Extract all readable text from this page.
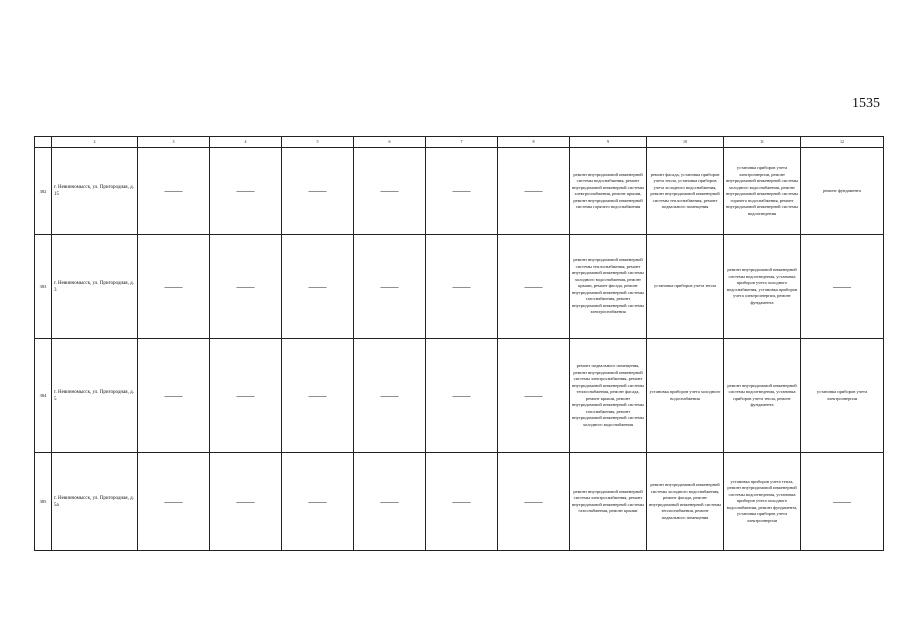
1535
	2	3	4	5	6	7	8	9	10	11	12
382	г. Невинномысск, ул. Пригородная, д. 15	——	——	——	——	——	——	ремонт внутридомовой инженерной системы водоснабжения, ремонт внутридомовой инженерной системы электроснабжения, ремонт крыши, ремонт внутридомовой инженерной системы горячего водоснабжения	ремонт фасада, установка приборов учета тепла, установка приборов учета холодного водоснабжения, ремонт внутридомовой инженерной системы теплоснабжения, ремонт подвального помещения	установка приборов учета электроэнергии, ремонт внутридомовой инженерной системы холодного водоснабжения, ремонт внутридомовой инженерной системы горячего водоснабжения, ремонт внутридомовой инженерной системы водоотведения	ремонт фундамента
383	г. Невинномысск, ул. Пригородная, д. 3	——	——	——	——	——	——	ремонт внутридомовой инженерной системы теплоснабжения, ремонт внутридомовой инженерной системы холодного водоснабжения, ремонт крыши, ремонт фасада, ремонт внутридомовой инженерной системы газоснабжения, ремонт внутридомовой инженерной системы электроснабжения	установка приборов учета тепла	ремонт внутридомовой инженерной системы водоотведения, установка приборов учета холодного водоснабжения, установка приборов учета электроэнергии, ремонт фундамента	——
384	г. Невинномысск, ул. Пригородная, д. 5	——	——	——	——	——	——	ремонт подвального помещения, ремонт внутридомовой инженерной системы электроснабжения, ремонт внутридомовой инженерной системы теплоснабжения, ремонт фасада, ремонт крыши, ремонт внутридомовой инженерной системы газоснабжения, ремонт внутридомовой инженерной системы холодного водоснабжения	установка приборов учета холодного водоснабжения	ремонт внутридомовой инженерной системы водоотведения, установка приборов учета тепла, ремонт фундамента	установка приборов учета электроэнергии
385	г. Невинномысск, ул. Пригородная, д. 5а	——	——	——	——	——	——	ремонт внутридомовой инженерной системы электроснабжения, ремонт внутридомовой инженерной системы газоснабжения, ремонт крыши	ремонт внутридомовой инженерной системы холодного водоснабжения, ремонт фасада, ремонт внутридомовой инженерной системы теплоснабжения, ремонт подвального помещения	установка приборов учета тепла, ремонт внутридомовой инженерной системы водоотведения, установка приборов учета холодного водоснабжения, ремонт фундамента, установка приборов учета электроэнергии	——
